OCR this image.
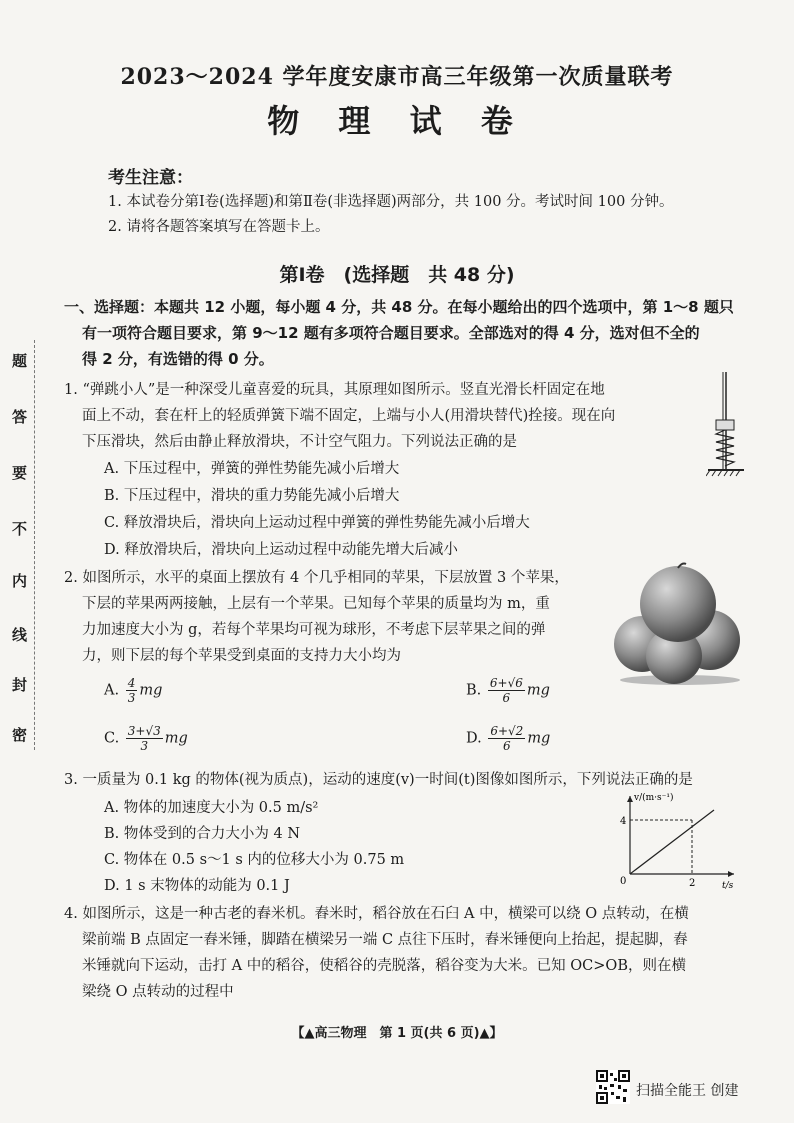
题
答
要
不
内
线
封
密
2023～2024 学年度安康市高三年级第一次质量联考
物 理 试 卷
考生注意：
1. 本试卷分第Ⅰ卷(选择题)和第Ⅱ卷(非选择题)两部分，共 100 分。考试时间 100 分钟。
2. 请将各题答案填写在答题卡上。
第Ⅰ卷　(选择题　共 48 分)
一、选择题：本题共 12 小题，每小题 4 分，共 48 分。在每小题给出的四个选项中，第 1～8 题只
有一项符合题目要求，第 9～12 题有多项符合题目要求。全部选对的得 4 分，选对但不全的
得 2 分，有选错的得 0 分。
1. “弹跳小人”是一种深受儿童喜爱的玩具，其原理如图所示。竖直光滑长杆固定在地
面上不动，套在杆上的轻质弹簧下端不固定，上端与小人(用滑块替代)拴接。现在向
下压滑块，然后由静止释放滑块，不计空气阻力。下列说法正确的是
A. 下压过程中，弹簧的弹性势能先减小后增大
B. 下压过程中，滑块的重力势能先减小后增大
C. 释放滑块后，滑块向上运动过程中弹簧的弹性势能先减小后增大
D. 释放滑块后，滑块向上运动过程中动能先增大后减小
2. 如图所示，水平的桌面上摆放有 4 个几乎相同的苹果，下层放置 3 个苹果，
下层的苹果两两接触，上层有一个苹果。已知每个苹果的质量均为 m，重
力加速度大小为 g，若每个苹果均可视为球形，不考虑下层苹果之间的弹
力，则下层的每个苹果受到桌面的支持力大小均为
A. $\frac{4}{3}$ mg	B. $\frac{6+√6}{6}$ mg
C. $\frac{3+√3}{3}$ mg	D. $\frac{6+√2}{6}$ mg
3. 一质量为 0.1 kg 的物体(视为质点)，运动的速度(v)一时间(t)图像如图所示，下列说法正确的是
A. 物体的加速度大小为 0.5 m/s²
B. 物体受到的合力大小为 4 N
C. 物体在 0.5 s～1 s 内的位移大小为 0.75 m
D. 1 s 末物体的动能为 0.1 J
v/(m·s⁻¹)
t/s
0
4
2
4. 如图所示，这是一种古老的舂米机。舂米时，稻谷放在石臼 A 中，横梁可以绕 O 点转动，在横
梁前端 B 点固定一舂米锤，脚踏在横梁另一端 C 点往下压时，舂米锤便向上抬起，提起脚，舂
米锤就向下运动，击打 A 中的稻谷，使稻谷的壳脱落，稻谷变为大米。已知 OC>OB，则在横
梁绕 O 点转动的过程中
【▲高三物理　第 1 页(共 6 页)▲】
扫描全能王 创建
